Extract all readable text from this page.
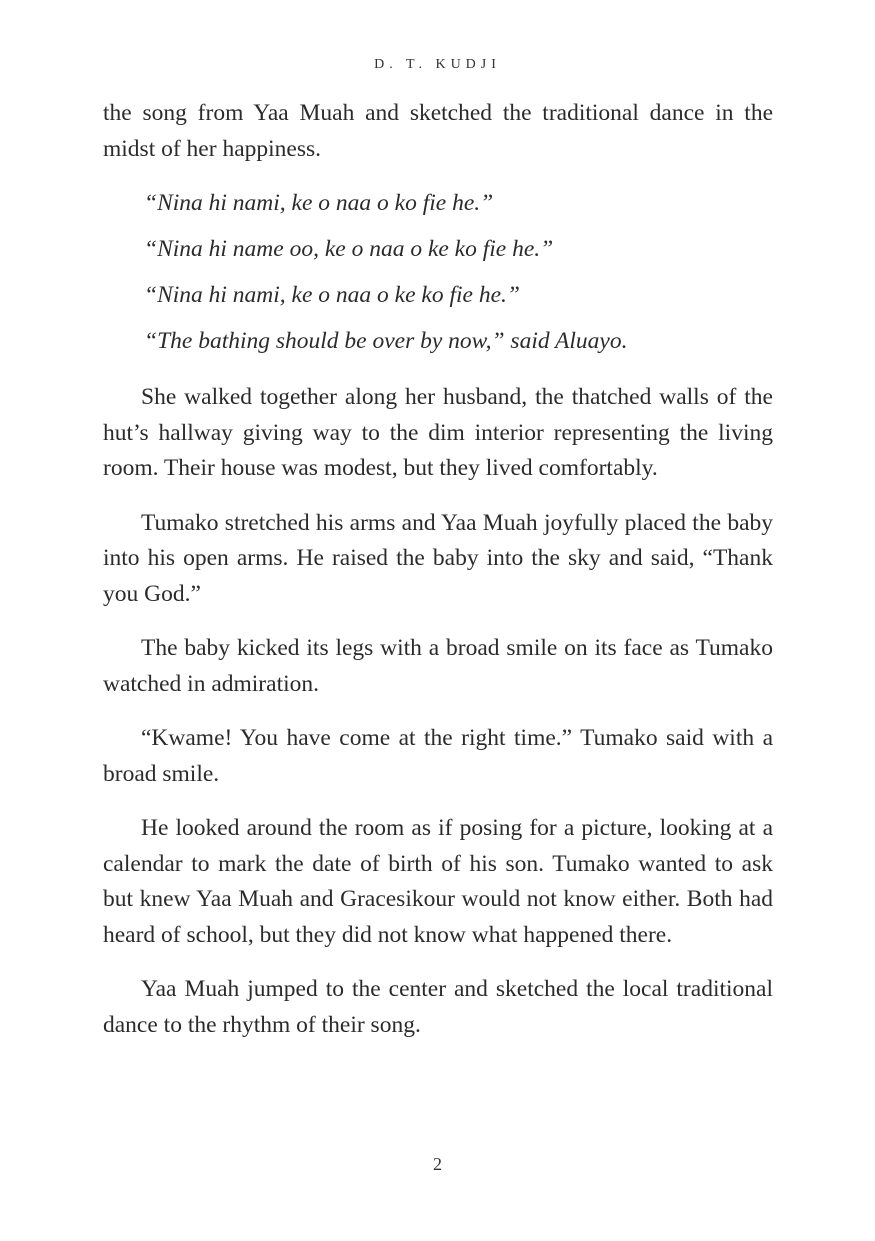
D. T. KUDJI

the song from Yaa Muah and sketched the traditional dance in the midst of her happiness.

“Nina hi nami, ke o naa o ko fie he.”

“Nina hi name oo, ke o naa o ke ko fie he.”

“Nina hi nami, ke o naa o ke ko fie he.”

“The bathing should be over by now,” said Aluayo.

She walked together along her husband, the thatched walls of the hut’s hallway giving way to the dim interior representing the living room. Their house was modest, but they lived comfortably.

Tumako stretched his arms and Yaa Muah joyfully placed the baby into his open arms. He raised the baby into the sky and said, “Thank you God.”

The baby kicked its legs with a broad smile on its face as Tumako watched in admiration.

“Kwame! You have come at the right time.” Tumako said with a broad smile.

He looked around the room as if posing for a picture, looking at a calendar to mark the date of birth of his son. Tumako wanted to ask but knew Yaa Muah and Gracesikour would not know either. Both had heard of school, but they did not know what happened there.

Yaa Muah jumped to the center and sketched the local traditional dance to the rhythm of their song.

2
